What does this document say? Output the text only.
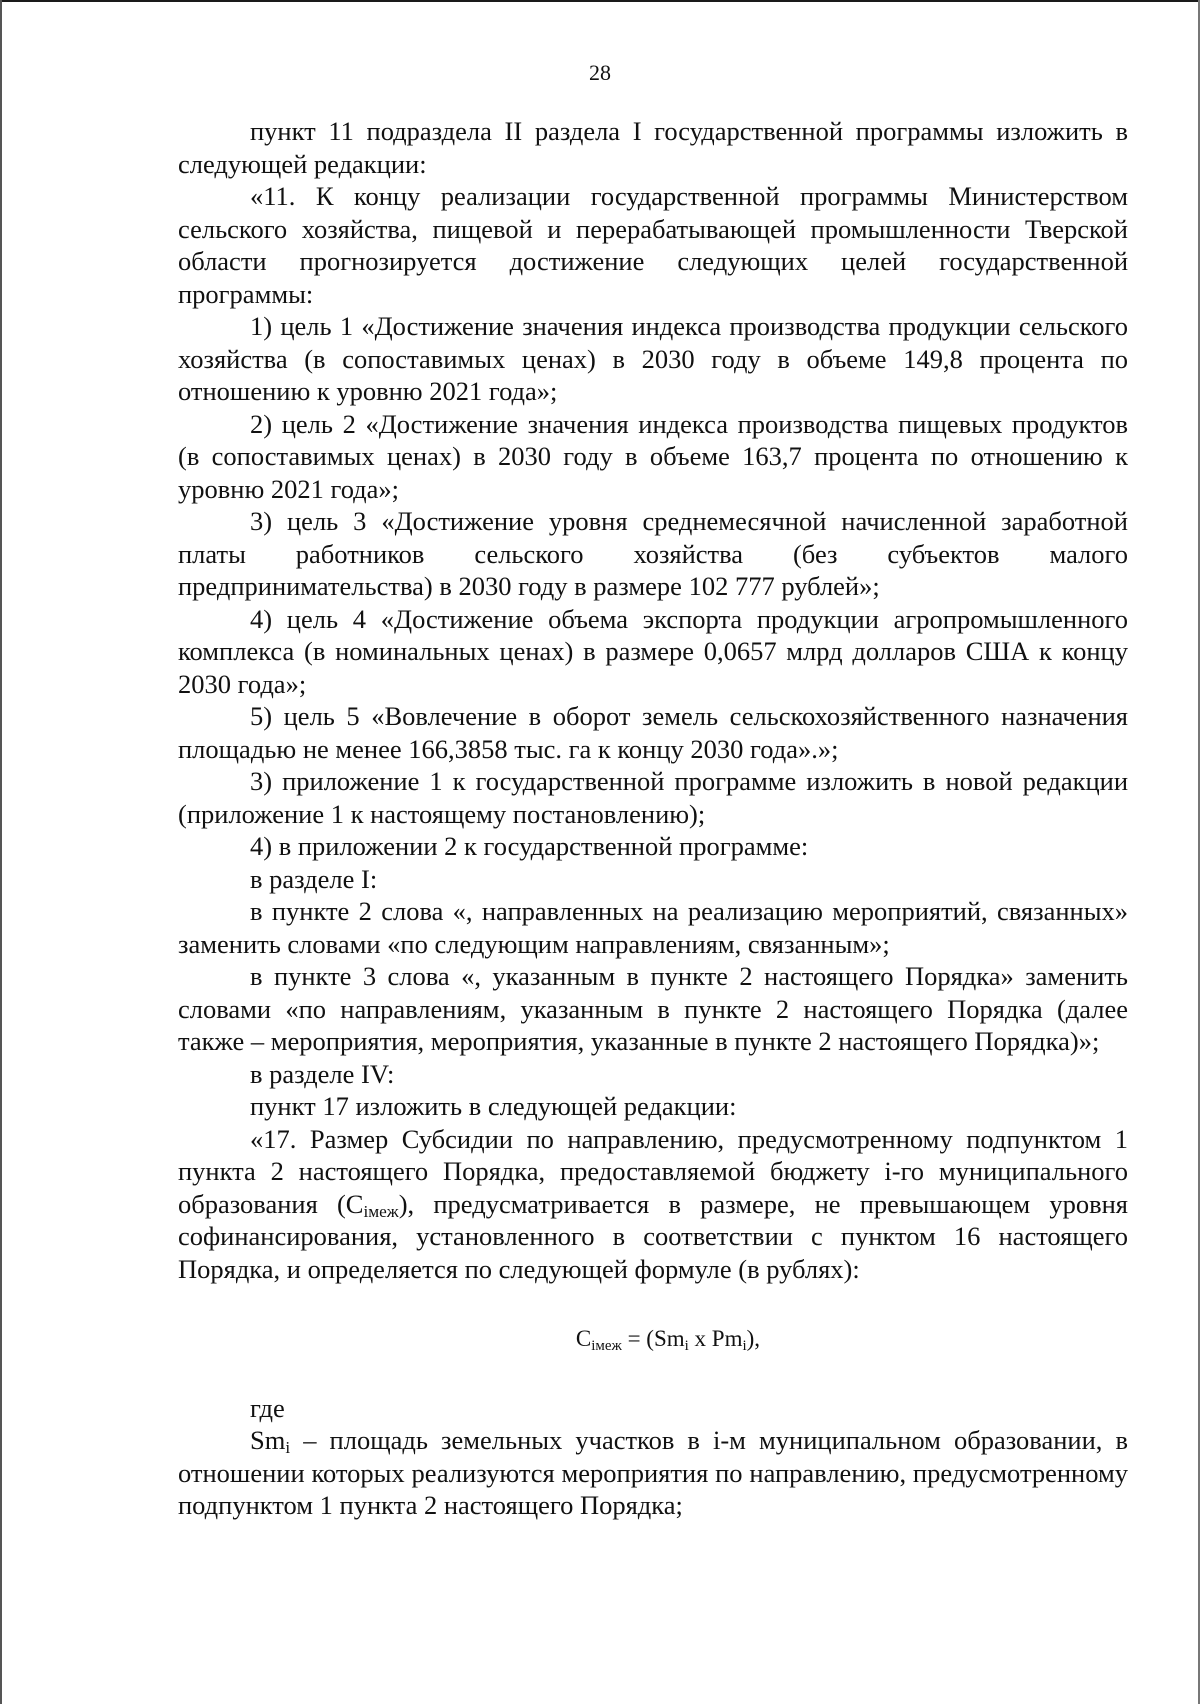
28

пункт 11 подраздела II раздела I государственной программы изложить в следующей редакции:

«11. К концу реализации государственной программы Министерством сельского хозяйства, пищевой и перерабатывающей промышленности Тверской области прогнозируется достижение следующих целей государственной программы:

1) цель 1 «Достижение значения индекса производства продукции сельского хозяйства (в сопоставимых ценах) в 2030 году в объеме 149,8 процента по отношению к уровню 2021 года»;

2) цель 2 «Достижение значения индекса производства пищевых продуктов (в сопоставимых ценах) в 2030 году в объеме 163,7 процента по отношению к уровню 2021 года»;

3) цель 3 «Достижение уровня среднемесячной начисленной заработной платы работников сельского хозяйства (без субъектов малого предпринимательства) в 2030 году в размере 102 777 рублей»;

4) цель 4 «Достижение объема экспорта продукции агропромышленного комплекса (в номинальных ценах) в размере 0,0657 млрд долларов США к концу 2030 года»;

5) цель 5 «Вовлечение в оборот земель сельскохозяйственного назначения площадью не менее 166,3858 тыс. га к концу 2030 года».»;

3) приложение 1 к государственной программе изложить в новой редакции (приложение 1 к настоящему постановлению);

4) в приложении 2 к государственной программе:

в разделе I:

в пункте 2 слова «, направленных на реализацию мероприятий, связанных» заменить словами «по следующим направлениям, связанным»;

в пункте 3 слова «, указанным в пункте 2 настоящего Порядка» заменить словами «по направлениям, указанным в пункте 2 настоящего Порядка (далее также – мероприятия, мероприятия, указанные в пункте 2 настоящего Порядка)»;

в разделе IV:

пункт 17 изложить в следующей редакции:

«17. Размер Субсидии по направлению, предусмотренному подпунктом 1 пункта 2 настоящего Порядка, предоставляемой бюджету i-го муниципального образования $(С_{iмеж})$, предусматривается в размере, не превышающем уровня софинансирования, установленного в соответствии с пунктом 16 настоящего Порядка, и определяется по следующей формуле (в рублях):

$С_{iмеж} = (Sm_i$ x $Pm_i$),

где

$Sm_i$ – площадь земельных участков в i-м муниципальном образовании, в отношении которых реализуются мероприятия по направлению, предусмотренному подпунктом 1 пункта 2 настоящего Порядка;
